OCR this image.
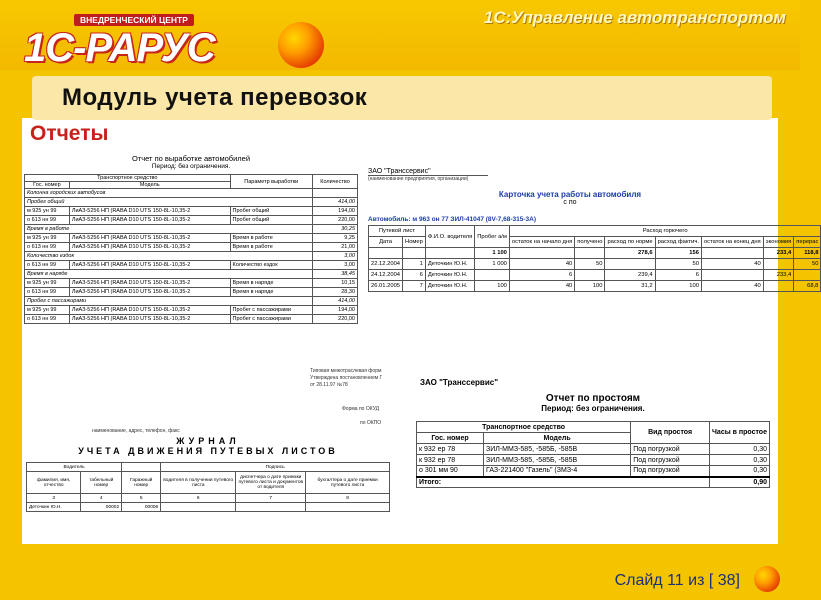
ВНЕДРЕНЧЕСКИЙ ЦЕНТР
1С-РАРУС
1С:Управление автотранспортом
Модуль учета перевозок
Отчеты
Отчет по выработке автомобилей
Период: без ограничения.
Транспортное средство		Параметр выработки	Количество
Гос. номер	Модель		
Колонна городских автобусов			
Пробег общий			414,00
м 925 ун 99	ЛиАЗ-5256 НП (RABA D10 UTS 150-8L-10,35-2	Пробег общий	194,00
о 613 нн 99	ЛиАЗ-5256 НП (RABA D10 UTS 150-8L-10,35-2	Пробег общий	220,00
Время в работе			30,25
м 925 ун 99	ЛиАЗ-5256 НП (RABA D10 UTS 150-8L-10,35-2	Время в работе	9,25
о 613 нн 99	ЛиАЗ-5256 НП (RABA D10 UTS 150-8L-10,35-2	Время в работе	21,00
Количество ездок			3,00
о 613 нн 99	ЛиАЗ-5256 НП (RABA D10 UTS 150-8L-10,35-2	Количество ездок	3,00
Время в наряде			38,45
м 925 ун 99	ЛиАЗ-5256 НП (RABA D10 UTS 150-8L-10,35-2	Время в наряде	10,15
о 613 нн 99	ЛиАЗ-5256 НП (RABA D10 UTS 150-8L-10,35-2	Время в наряде	28,30
Пробег с пассажирами			414,00
м 925 ун 99	ЛиАЗ-5256 НП (RABA D10 UTS 150-8L-10,35-2	Пробег с пассажирами	194,00
о 613 нн 99	ЛиАЗ-5256 НП (RABA D10 UTS 150-8L-10,35-2	Пробег с пассажирами	220,00
ЗАО "Транссервис"
(наименование предприятия, организации)
Карточка учета работы автомобиля
с по
Автомобиль: м 963 он 77 ЗИЛ-41047 (8V-7,68-315-3А)
Путевой лист		Ф.И.О. водителя	Пробег а/м	Расход горючего						
Дата	Номер			остаток на начало дня	получено	расход по норме	расход фактич.	остаток на конец дня	экономия	перерас
			1 100			278,6	156		233,4	118,8
22.12.2004	1	Деточкин Ю.Н.	1 000	40	50		50	40		50
24.12.2004	6	Деточкин Ю.Н.		6		239,4	6		233,4	
26.01.2005	7	Деточкин Ю.Н.	100	40	100	31,2	100	40		68,8
Типовая межотраслевая форм
Утверждена постановлением Г
от 28.11.97 №78
Форма по ОКУД
по ОКПО
наименование, адрес, телефон, факс
ЖУРНАЛ
УЧЕТА ДВИЖЕНИЯ ПУТЕВЫХ ЛИСТОВ
Водитель			Подпись		
фамилия, имя, отчество	табельный номер	Гаражный номер	водителя в получении путевого листа	диспетчера о дате приемки путевого листа и документов от водителя	бухгалтера о дате приемки путевого листа
3	4	5	6	7	8
Деточкин Ю.Н.	00002	00006			
ЗАО "Транссервис"
Отчет по простоям
Период: без ограничения.
Транспортное средство		Вид простоя	Часы в простое
Гос. номер	Модель		
к 932 ер 78	ЗИЛ-ММЗ-585, -585Б, -585В	Под погрузкой	0,30
к 932 ер 78	ЗИЛ-ММЗ-585, -585Б, -585В	Под погрузкой	0,30
о 301 мм 90	ГАЗ-221400 "Газель" (ЗМЗ-4	Под погрузкой	0,30
Итого:			0,90
Слайд 11 из [ 38]
